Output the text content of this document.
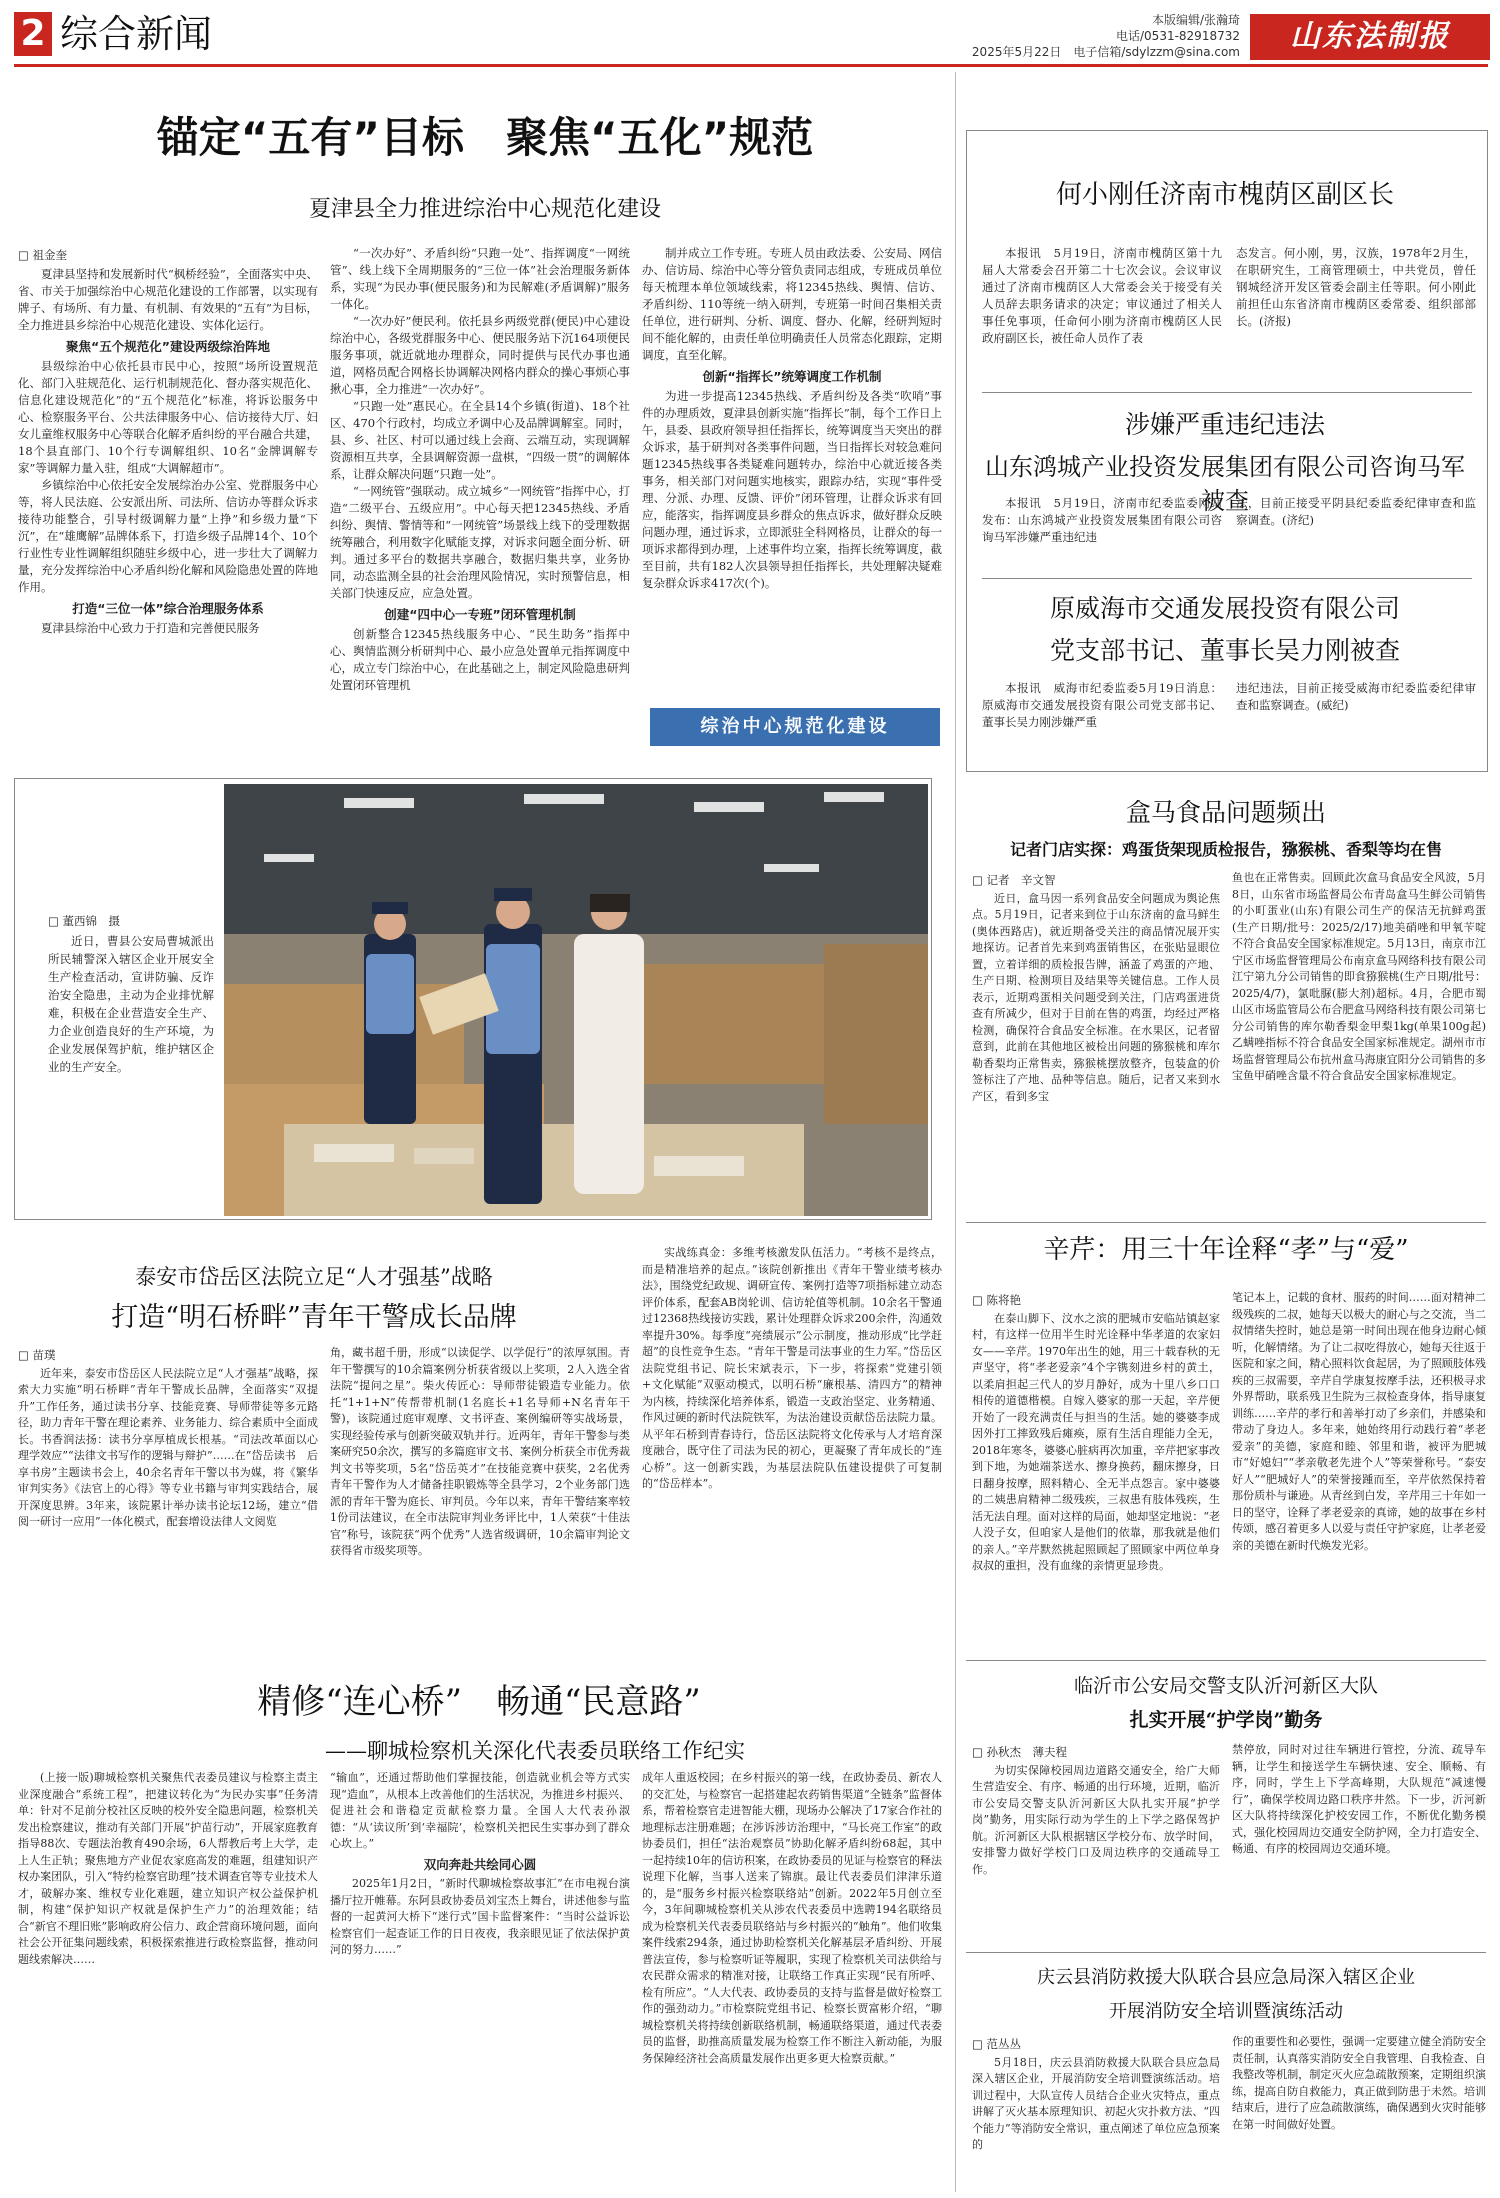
2 综合新闻	本版编辑/张瀚琦
电话/0531-82918732
2025年5月22日　电子信箱/sdylzzm@sina.com	山东法制报
锚定“五有”目标　聚焦“五化”规范
夏津县全力推进综治中心规范化建设
□ 祖金奎

夏津县坚持和发展新时代“枫桥经验”，全面落实中央、省、市关于加强综治中心规范化建设的工作部署，以实现有牌子、有场所、有力量、有机制、有效果的“五有”为目标，全力推进县乡综治中心规范化建设、实体化运行。

聚焦“五个规范化”建设两级综治阵地

县级综治中心依托县市民中心，按照“场所设置规范化、部门入驻规范化、运行机制规范化、督办落实规范化、信息化建设规范化”的“五个规范化”标准，将诉讼服务中心、检察服务平台、公共法律服务中心、信访接待大厅、妇女儿童维权服务中心等联合化解矛盾纠纷的平台融合共建，18个县直部门、10个行专调解组织、10名“金牌调解专家”等调解力量入驻，组成“大调解超市”。

乡镇综治中心依托安全发展综治办公室、党群服务中心等，将人民法庭、公安派出所、司法所、信访办等群众诉求接待功能整合，引导村级调解力量“上挣”和乡级力量“下沉”，在“雄鹰解”品牌体系下，打造乡级子品牌14个、10个行业性专业性调解组织随驻乡级中心，进一步壮大了调解力量，充分发挥综治中心矛盾纠纷化解和风险隐患处置的阵地作用。

打造“三位一体”综合治理服务体系

夏津县综治中心致力于打造和完善便民服务

“一次办好”、矛盾纠纷“只跑一处”、指挥调度“一网统管”、线上线下全周期服务的“三位一体”社会治理服务新体系，实现“为民办事(便民服务)和为民解难(矛盾调解)”服务一体化。

“一次办好”便民利。依托县乡两级党群(便民)中心建设综治中心，各级党群服务中心、便民服务站下沉164项便民服务事项，就近就地办理群众，同时提供与民代办事也通道，网格员配合网格长协调解决网格内群众的操心事烦心事揪心事，全力推进“一次办好”。

“只跑一处”惠民心。在全县14个乡镇(街道)、18个社区、470个行政村，均成立矛调中心及品牌调解室。同时，县、乡、社区、村可以通过线上会商、云端互动，实现调解资源相互共享，全县调解资源一盘棋，“四级一贯”的调解体系，让群众解决问题“只跑一处”。

“一网统管”强联动。成立城乡“一网统管”指挥中心，打造“二级平台、五级应用”。中心每天把12345热线、矛盾纠纷、舆情、警情等和“一网统管”场景线上线下的受理数据统筹融合，利用数字化赋能支撑，对诉求问题全面分析、研判。通过多平台的数据共享融合，数据归集共享，业务协同，动态监测全县的社会治理风险情况，实时预警信息，相关部门快速反应，应急处置。

创建“四中心一专班”闭环管理机制

创新整合12345热线服务中心、“民生助务”指挥中心、舆情监测分析研判中心、最小应急处置单元指挥调度中心，成立专门综治中心，在此基础之上，制定风险隐患研判处置闭环管理机

制并成立工作专班。专班人员由政法委、公安局、网信办、信访局、综治中心等分管负责同志组成，专班成员单位每天梳理本单位领域线索，将12345热线、舆情、信访、矛盾纠纷、110等统一纳入研判，专班第一时间召集相关责任单位，进行研判、分析、调度、督办、化解，经研判短时间不能化解的，由责任单位明确责任人员常态化跟踪，定期调度，直至化解。

创新“指挥长”统筹调度工作机制

为进一步提高12345热线、矛盾纠纷及各类“吹哨”事件的办理质效，夏津县创新实施“指挥长”制，每个工作日上午，县委、县政府领导担任指挥长，统筹调度当天突出的群众诉求，基于研判对各类事件问题，当日指挥长对较急难问题12345热线事各类疑难问题转办，综治中心就近接各类事务，相关部门对问题实地核实，跟踪办结，实现“事件受理、分派、办理、反馈、评价”闭环管理，让群众诉求有回应，能落实，指挥调度县乡群众的焦点诉求，做好群众反映问题办理，通过诉求，立即派驻全科网格员，让群众的每一项诉求都得到办理，上述事件均立案，指挥长统筹调度，截至目前，共有182人次县领导担任指挥长，共处理解决疑难复杂群众诉求417次(个)。

综治中心规范化建设
何小刚任济南市槐荫区副区长

本报讯　5月19日，济南市槐荫区第十九届人大常委会召开第二十七次会议。会议审议通过了济南市槐荫区人大常委会关于接受有关人员辞去职务请求的决定；审议通过了相关人事任免事项，任命何小刚为济南市槐荫区人民政府副区长，被任命人员作了表

态发言。何小刚，男，汉族，1978年2月生，在职研究生，工商管理硕士，中共党员，曾任钢城经济开发区管委会副主任等职。何小刚此前担任山东省济南市槐荫区委常委、组织部部长。(济报)

涉嫌严重违纪违法
山东鸿城产业投资发展集团有限公司咨询马军被查

本报讯　5月19日，济南市纪委监委网站发布：山东鸿城产业投资发展集团有限公司咨询马军涉嫌严重违纪违

法，目前正接受平阴县纪委监委纪律审查和监察调查。(济纪)

原威海市交通发展投资有限公司
党支部书记、董事长吴力刚被查

本报讯　威海市纪委监委5月19日消息：原威海市交通发展投资有限公司党支部书记、董事长吴力刚涉嫌严重

违纪违法，目前正接受威海市纪委监委纪律审查和监察调查。(威纪)

□ 董西锦　摄

近日，曹县公安局曹城派出所民辅警深入辖区企业开展安全生产检查活动，宣讲防骗、反诈治安全隐患，主动为企业排忧解难，积极在企业营造安全生产、力企业创造良好的生产环境，为企业发展保驾护航，维护辖区企业的生产安全。

盒马食品问题频出
记者门店实探：鸡蛋货架现质检报告，猕猴桃、香梨等均在售
□ 记者　辛文智

近日，盒马因一系列食品安全问题成为舆论焦点。5月19日，记者来到位于山东济南的盒马鲜生(奥体西路店)，就近期备受关注的商品情况展开实地探访。记者首先来到鸡蛋销售区，在张贴显眼位置，立着详细的质检报告牌，涵盖了鸡蛋的产地、生产日期、检测项目及结果等关键信息。工作人员表示，近期鸡蛋相关问题受到关注，门店鸡蛋进货查有所减少，但对于目前在售的鸡蛋，均经过严格检测，确保符合食品安全标准。在水果区，记者留意到，此前在其他地区被检出问题的猕猴桃和库尔勒香梨均正常售卖，猕猴桃摆放整齐，包装盒的价签标注了产地、品种等信息。随后，记者又来到水产区，看到多宝

鱼也在正常售卖。回顾此次盒马食品安全风波，5月8日，山东省市场监督局公布青岛盒马生鲜公司销售的小町蛋业(山东)有限公司生产的保洁无抗鲜鸡蛋(生产日期/批号：2025/2/17)地美硝唑和甲氧苄啶不符合食品安全国家标准规定。5月13日，南京市江宁区市场监督管理局公布南京盒马网络科技有限公司江宁第九分公司销售的即食猕猴桃(生产日期/批号：2025/4/7)，氯吡脲(膨大剂)超标。4月，合肥市蜀山区市场监管局公布合肥盒马网络科技有限公司第七分公司销售的库尔勒香梨金甲梨1kg(单果100g起)乙螨唑指标不符合食品安全国家标准规定。湖州市市场监督管理局公布抗州盒马海康宜阳分公司销售的多宝鱼甲硝唑含量不符合食品安全国家标准规定。

泰安市岱岳区法院立足“人才强基”战略
打造“明石桥畔”青年干警成长品牌
□ 苗璞

近年来，泰安市岱岳区人民法院立足“人才强基”战略，探索大力实施“明石桥畔”青年干警成长品牌，全面落实“双提升”工作任务，通过读书分享、技能竞赛、导师带徒等多元路径，助力青年干警在理论素养、业务能力、综合素质中全面成长。书香润法扬：读书分享厚植成长根基。“司法改革面以心理学效应”“法律文书写作的逻辑与辩护”……在“岱岳读书　后享书房”主题读书会上，40余名青年干警以书为媒，将《繁华审判实务》《法官上的心得》等专业书籍与审判实践结合，展开深度思辨。3年来，该院累计举办读书论坛12场，建立“借阅一研讨一应用”一体化模式，配套增设法律人文阅览

角，藏书超千册，形成“以读促学、以学促行”的浓厚氛围。青年干警撰写的10余篇案例分析获省级以上奖项，2人入选全省法院“提问之星”。柴火传匠心：导师带徒锻造专业能力。依托“1+1+N”传帮带机制(1名庭长+1名导师+N名青年干警)，该院通过庭审观摩、文书评查、案例编研等实战场景，实现经验传承与创新突破双轨并行。近两年，青年干警参与类案研究50余次，撰写的多篇庭审文书、案例分析获全市优秀裁判文书等奖项，5名“岱岳英才”在技能竞赛中获奖，2名优秀青年干警作为人才储备挂职锻炼等全县学习，2个业务部门选派的青年干警为庭长、审判员。今年以来，青年干警结案率较1份司法建议，在全市法院审判业务评比中，1人荣获“十佳法官”称号，该院获“两个优秀”人选省级调研，10余篇审判论文获得省市级奖项等。

实战练真金：多维考核激发队伍活力。“考核不是终点，而是精准培养的起点。”该院创新推出《青年干警业绩考核办法》，围绕党纪政规、调研宣传、案例打造等7项指标建立动态评价体系，配套AB岗轮训、信访轮值等机制。10余名干警通过12368热线接访实践，累计处理群众诉求200余件，沟通效率提升30%。每季度“亮绩展示”公示制度，推动形成“比学赶超”的良性竞争生态。“青年干警是司法事业的生力军。”岱岳区法院党组书记、院长宋斌表示，下一步，将探索“党建引领+文化赋能”双驱动模式，以明石桥“廉根基、清四方”的精神为内核，持续深化培养体系，锻造一支政治坚定、业务精通、作风过硬的新时代法院铁军，为法治建设贡献岱岳法院力量。从平年石桥到青春诗行，岱岳区法院将文化传承与人才培育深度融合，既守住了司法为民的初心，更凝聚了青年成长的“连心桥”。这一创新实践，为基层法院队伍建设提供了可复制的“岱岳样本”。

辛芹：用三十年诠释“孝”与“爱”
□ 陈将艳

在泰山脚下、汶水之滨的肥城市安临站镇赵家村，有这样一位用半生时光诠释中华孝道的农家妇女——辛芹。1970年出生的她，用三十载春秋的无声坚守，将“孝老爱亲”4个字镌刻进乡村的黄土，以柔肩担起三代人的岁月静好，成为十里八乡口口相传的道德楷模。自嫁入婆家的那一天起，辛芹便开始了一段充满责任与担当的生活。她的婆婆李成因外打工摔致残后瘫痪，原有生活自理能力全无，2018年寒冬，婆婆心脏病再次加重，辛芹把家事改到下地，为她端茶送水、擦身换药，翻床擦身，日日翻身按摩，照料精心、全无半点怨言。家中婆婆的二姨患肩精神二级残疾，三叔患有肢体残疾，生活无法自理。面对这样的局面，她却坚定地说：“老人没子女，但咱家人是他们的依靠，那我就是他们的亲人。”辛芹默然挑起照顾起了照顾家中两位单身叔叔的重担，没有血缘的亲情更显珍贵。

笔记本上，记载的食材、服药的时间……面对精神二级残疾的二叔，她每天以极大的耐心与之交流，当二叔情绪失控时，她总是第一时间出现在他身边耐心倾听，化解情绪。为了让二叔吃得放心，她每天往返于医院和家之间，精心照料饮食起居，为了照顾肢体残疾的三叔需要，辛芹自学康复按摩手法，还积极寻求外界帮助，联系残卫生院为三叔检查身体，指导康复训练……辛芹的孝行和善举打动了乡亲们，并感染和带动了身边人。多年来，她始终用行动践行着“孝老爱亲”的美德，家庭和睦、邻里和谐，被评为肥城市“好媳妇”“孝亲敬老先进个人”等荣誉称号。“泰安好人”“肥城好人”的荣誉接踵而至，辛芹依然保持着那份质朴与谦逊。从青丝到白发，辛芹用三十年如一日的坚守，诠释了孝老爱亲的真谛，她的故事在乡村传颂，感召着更多人以爱与责任守护家庭，让孝老爱亲的美德在新时代焕发光彩。

精修“连心桥”　畅通“民意路”
——聊城检察机关深化代表委员联络工作纪实

(上接一版)聊城检察机关聚焦代表委员建议与检察主责主业深度融合“系统工程”，把建议转化为“为民办实事”任务清单：针对不足前分校社区反映的校外安全隐患问题，检察机关发出检察建议，推动有关部门开展“护苗行动”，开展家庭教育指导88次、专题法治教育490余场，6人帮教后考上大学，走上人生正轨；聚焦地方产业促农家庭高发的难题，组建知识产权办案团队，引入“特约检察官助理”技术调查官等专业技术人才，破解办案、维权专业化难题，建立知识产权公益保护机制，构建“保护知识产权就是保护生产力”的治理效能；结合“新官不理旧账”影响政府公信力、政企营商环境问题，面向社会公开征集问题线索，积极探索推进行政检察监督，推动问题线索解决……

“输血”，还通过帮助他们掌握技能，创造就业机会等方式实现“造血”，从根本上改善他们的生活状况，为推进乡村振兴、促进社会和谐稳定贡献检察力量。全国人大代表孙淑德：“从‘读议所’到‘幸福院’，检察机关把民生实事办到了群众心坎上。”

双向奔赴共绘同心圆

2025年1月2日，“新时代聊城检察故事汇”在市电视台演播厅拉开帷幕。东阿县政协委员刘宝杰上舞台，讲述他参与监督的一起黄河大桥下“迷行式”国卡监督案件：“当时公益诉讼检察官们一起查证工作的日日夜夜，我亲眼见证了依法保护黄河的努力……”

成年人重返校园；在乡村振兴的第一线，在政协委员、新农人的交汇处，与检察官一起搭建起农药销售渠道“全链条”监督体系，帮着检察官走进智能大棚，现场办公解决了17家合作社的地理标志注册难题；在涉诉涉访治理中，“马长亮工作室”的政协委员们，担任“法治观察员”协助化解矛盾纠纷68起，其中一起持续10年的信访积案，在政协委员的见证与检察官的释法说理下化解，当事人送来了锦旗。最让代表委员们津津乐道的，是“服务乡村振兴检察联络站”创新。2022年5月创立至今，3年间聊城检察机关从涉农代表委员中选聘194名联络员成为检察机关代表委员联络站与乡村振兴的“触角”。他们收集案件线索294条，通过协助检察机关化解基层矛盾纠纷、开展普法宣传，参与检察听证等履职，实现了检察机关司法供给与农民群众需求的精准对接，让联络工作真正实现“民有所呼、检有所应”。“人大代表、政协委员的支持与监督是做好检察工作的强劲动力。”市检察院党组书记、检察长贾富彬介绍，“聊城检察机关将持续创新联络机制，畅通联络渠道，通过代表委员的监督，助推高质量发展为检察工作不断注入新动能，为服务保障经济社会高质量发展作出更多更大检察贡献。”

临沂市公安局交警支队沂河新区大队
扎实开展“护学岗”勤务
□ 孙秋杰　薄夫程

为切实保障校园周边道路交通安全，给广大师生营造安全、有序、畅通的出行环境，近期，临沂市公安局交警支队沂河新区大队扎实开展“护学岗”勤务，用实际行动为学生的上下学之路保驾护航。沂河新区大队根据辖区学校分布、放学时间，安排警力做好学校门口及周边秩序的交通疏导工作。

禁停放，同时对过往车辆进行管控，分流、疏导车辆，让学生和接送学生车辆快速、安全、顺畅、有序，同时，学生上下学高峰期，大队规范“减速慢行”，确保学校周边路口秩序井然。下一步，沂河新区大队将持续深化护校安园工作，不断优化勤务模式，强化校园周边交通安全防护网，全力打造安全、畅通、有序的校园周边交通环境。

庆云县消防救援大队联合县应急局深入辖区企业
开展消防安全培训暨演练活动
□ 范丛丛

5月18日，庆云县消防救援大队联合县应急局深入辖区企业，开展消防安全培训暨演练活动。培训过程中，大队宣传人员结合企业火灾特点，重点讲解了灭火基本原理知识、初起火灾扑救方法、“四个能力”等消防安全常识，重点阐述了单位应急预案的

作的重要性和必要性，强调一定要建立健全消防安全责任制，认真落实消防安全自我管理、自我检查、自我整改等机制，制定灭火应急疏散预案，定期组织演练，提高自防自救能力，真正做到防患于未然。培训结束后，进行了应急疏散演练，确保遇到火灾时能够在第一时间做好处置。
